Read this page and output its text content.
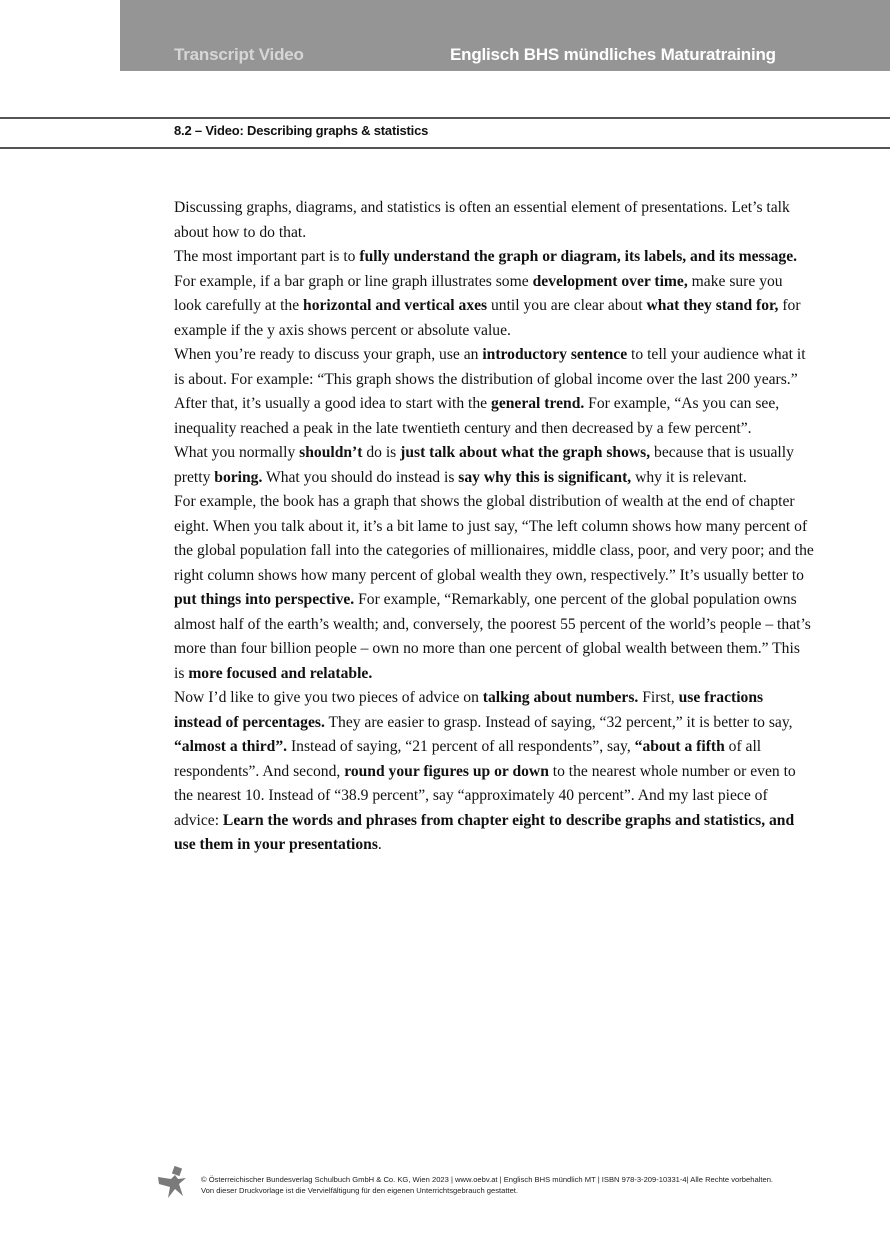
Transcript Video	Englisch BHS mündliches Maturatraining
8.2 – Video: Describing graphs & statistics

Discussing graphs, diagrams, and statistics is often an essential element of presentations. Let’s talk about how to do that.

The most important part is to fully understand the graph or diagram, its labels, and its message. For example, if a bar graph or line graph illustrates some development over time, make sure you look carefully at the horizontal and vertical axes until you are clear about what they stand for, for example if the y axis shows percent or absolute value.

When you’re ready to discuss your graph, use an introductory sentence to tell your audience what it is about. For example: “This graph shows the distribution of global income over the last 200 years.” After that, it’s usually a good idea to start with the general trend. For example, “As you can see, inequality reached a peak in the late twentieth century and then decreased by a few percent”.

What you normally shouldn’t do is just talk about what the graph shows, because that is usually pretty boring. What you should do instead is say why this is significant, why it is relevant.

For example, the book has a graph that shows the global distribution of wealth at the end of chapter eight. When you talk about it, it’s a bit lame to just say, “The left column shows how many percent of the global population fall into the categories of millionaires, middle class, poor, and very poor; and the right column shows how many percent of global wealth they own, respectively.” It’s usually better to put things into perspective. For example, “Remarkably, one percent of the global population owns almost half of the earth’s wealth; and, conversely, the poorest 55 percent of the world’s people – that’s more than four billion people – own no more than one percent of global wealth between them.” This is more focused and relatable.

Now I’d like to give you two pieces of advice on talking about numbers. First, use fractions instead of percentages. They are easier to grasp. Instead of saying, “32 percent,” it is better to say, “almost a third”. Instead of saying, “21 percent of all respondents”, say, “about a fifth of all respondents”. And second, round your figures up or down to the nearest whole number or even to the nearest 10. Instead of “38.9 percent”, say “approximately 40 percent”. And my last piece of advice: Learn the words and phrases from chapter eight to describe graphs and statistics, and use them in your presentations.

© Österreichischer Bundesverlag Schulbuch GmbH & Co. KG, Wien 2023 | www.oebv.at | Englisch BHS mündlich MT | ISBN 978-3-209-10331-4| Alle Rechte vorbehalten.
Von dieser Druckvorlage ist die Vervielfältigung für den eigenen Unterrichtsgebrauch gestattet.
